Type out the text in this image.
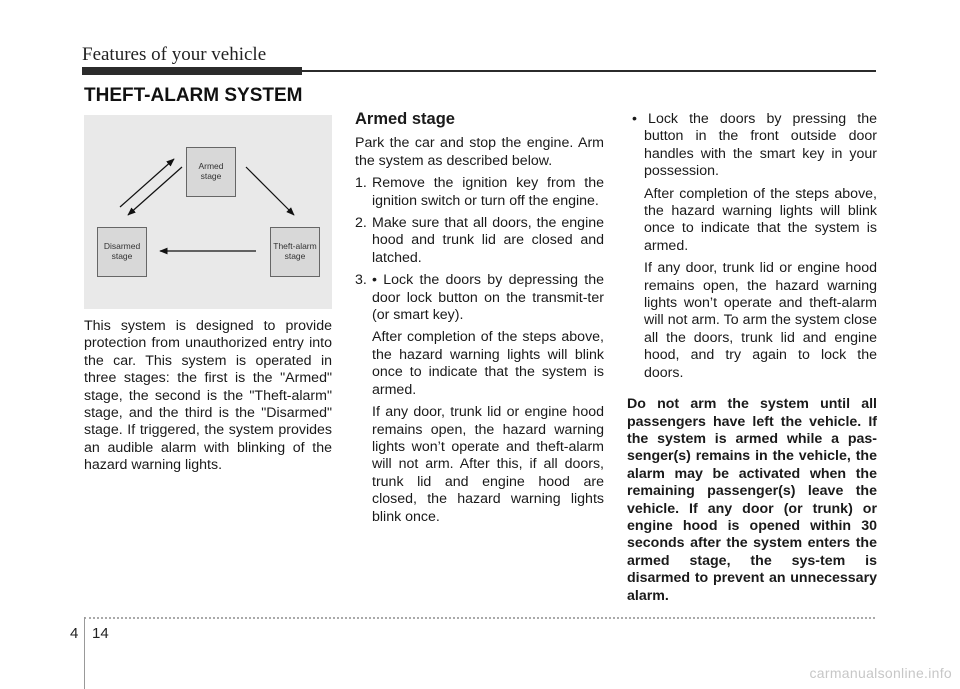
Features of your vehicle
THEFT-ALARM SYSTEM
Armed
stage
Disarmed
stage
Theft-alarm
stage

This system is designed to provide protection from unauthorized entry into the car. This system is operated in three stages: the first is the "Armed" stage, the second is the "Theft-alarm" stage, and the third is the "Disarmed" stage. If triggered, the system provides an audible alarm with blinking of the hazard warning lights.

Armed stage

Park the car and stop the engine. Arm the system as described below.

1. Remove the ignition key from the ignition switch or turn off the engine.
2. Make sure that all doors, the engine hood and trunk lid are closed and latched.
3. • Lock the doors by depressing the door lock button on the transmit-ter (or smart key).

After completion of the steps above, the hazard warning lights will blink once to indicate that the system is armed.

If any door, trunk lid or engine hood remains open, the hazard warning lights won’t operate and theft-alarm will not arm. After this, if all doors, trunk lid and engine hood are closed, the hazard warning lights blink once.

• Lock the doors by pressing the button in the front outside door handles with the smart key in your possession.

After completion of the steps above, the hazard warning lights will blink once to indicate that the system is armed.

If any door, trunk lid or engine hood remains open, the hazard warning lights won’t operate and theft-alarm will not arm. To arm the system close all the doors, trunk lid and engine hood, and try again to lock the doors.

Do not arm the system until all passengers have left the vehicle. If the system is armed while a pas-senger(s) remains in the vehicle, the alarm may be activated when the remaining passenger(s) leave the vehicle. If any door (or trunk) or engine hood is opened within 30 seconds after the system enters the armed stage, the sys-tem is disarmed to prevent an unnecessary alarm.

4 14
carmanualsonline.info
